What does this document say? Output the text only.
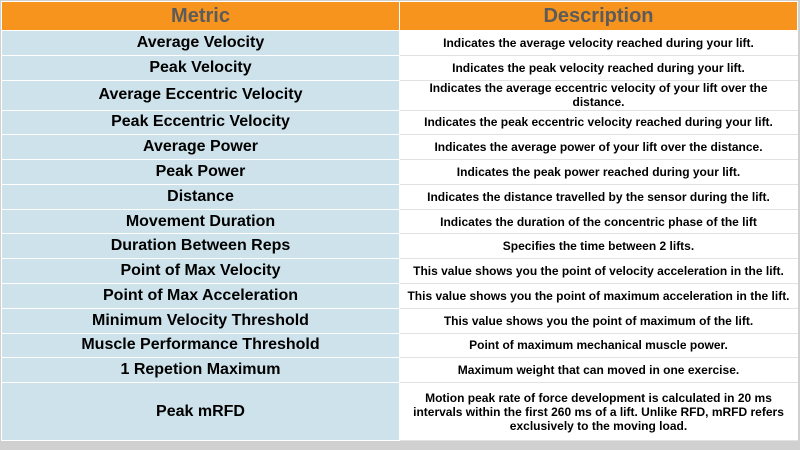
Metric	Description
Average Velocity	Indicates the average velocity reached during your lift.
Peak Velocity	Indicates the peak velocity reached during your lift.
Average Eccentric Velocity	Indicates the average eccentric velocity of your lift over the distance.
Peak Eccentric Velocity	Indicates the peak eccentric velocity reached during your lift.
Average Power	Indicates the average power of your lift over the distance.
Peak Power	Indicates the peak power reached during your lift.
Distance	Indicates the distance travelled by the sensor during the lift.
Movement Duration	Indicates the duration of the concentric phase of the lift
Duration Between Reps	Specifies the time between 2 lifts.
Point of Max Velocity	This value shows you the point of velocity acceleration in the lift.
Point of Max Acceleration	This value shows you the point of maximum acceleration in the lift.
Minimum Velocity Threshold	This value shows you the point of maximum of the lift.
Muscle Performance Threshold	Point of maximum mechanical muscle power.
1 Repetion Maximum	Maximum weight that can moved in one exercise.
Peak mRFD	Motion peak rate of force development is calculated in 20 ms intervals within the first 260 ms of a lift. Unlike RFD, mRFD refers exclusively to the moving load.
